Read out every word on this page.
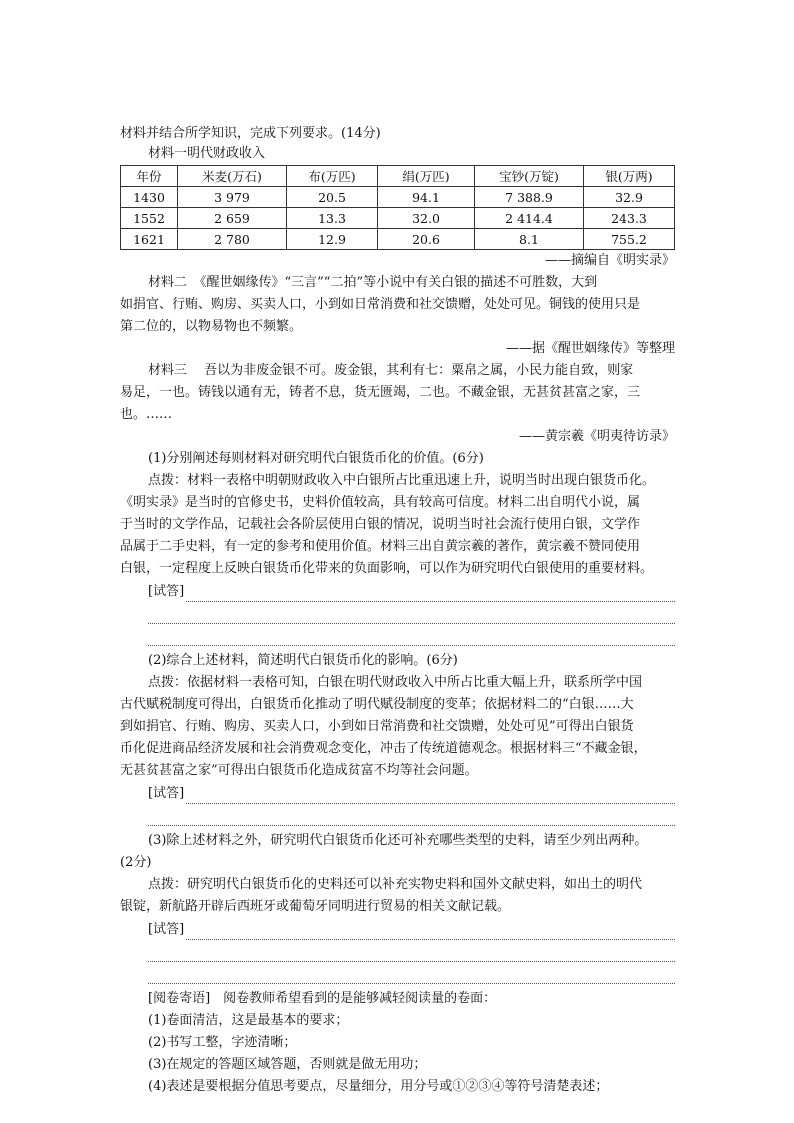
材料并结合所学知识，完成下列要求。(14分)
材料一明代财政收入
年份	米麦(万石)	布(万匹)	绢(万匹)	宝钞(万锭)	银(万两)
1430	3 979	20.5	94.1	7 388.9	32.9
1552	2 659	13.3	32.0	2 414.4	243.3
1621	2 780	12.9	20.6	8.1	755.2
——摘编自《明实录》
材料二　《醒世姻缘传》“三言”“二拍”等小说中有关白银的描述不可胜数，大到
如捐官、行贿、购房、买卖人口，小到如日常消费和社交馈赠，处处可见。铜钱的使用只是
第二位的，以物易物也不频繁。
——据《醒世姻缘传》等整理
材料三　 吾以为非废金银不可。废金银，其利有七：粟帛之属，小民力能自致，则家
易足，一也。铸钱以通有无，铸者不息，货无匮竭，二也。不藏金银，无甚贫甚富之家，三
也。……
——黄宗羲《明夷待访录》
(1)分别阐述每则材料对研究明代白银货币化的价值。(6分)
点拨：材料一表格中明朝财政收入中白银所占比重迅速上升，说明当时出现白银货币化。
《明实录》是当时的官修史书，史料价值较高，具有较高可信度。材料二出自明代小说，属
于当时的文学作品，记载社会各阶层使用白银的情况，说明当时社会流行使用白银，文学作
品属于二手史料，有一定的参考和使用价值。材料三出自黄宗羲的著作，黄宗羲不赞同使用
白银，一定程度上反映白银货币化带来的负面影响，可以作为研究明代白银使用的重要材料。
[试答]
(2)综合上述材料，简述明代白银货币化的影响。(6分)
点拨：依据材料一表格可知，白银在明代财政收入中所占比重大幅上升，联系所学中国
古代赋税制度可得出，白银货币化推动了明代赋役制度的变革；依据材料二的“白银……大
到如捐官、行贿、购房、买卖人口，小到如日常消费和社交馈赠，处处可见”可得出白银货
币化促进商品经济发展和社会消费观念变化，冲击了传统道德观念。根据材料三“不藏金银，
无甚贫甚富之家”可得出白银货币化造成贫富不均等社会问题。
[试答]
(3)除上述材料之外，研究明代白银货币化还可补充哪些类型的史料，请至少列出两种。
(2分)
点拨：研究明代白银货币化的史料还可以补充实物史料和国外文献史料，如出土的明代
银锭，新航路开辟后西班牙或葡萄牙同明进行贸易的相关文献记载。
[试答]
[阅卷寄语]　阅卷教师希望看到的是能够减轻阅读量的卷面：
(1)卷面清洁，这是最基本的要求；
(2)书写工整，字迹清晰；
(3)在规定的答题区域答题，否则就是做无用功；
(4)表述是要根据分值思考要点，尽量细分，用分号或①②③④等符号清楚表述；
